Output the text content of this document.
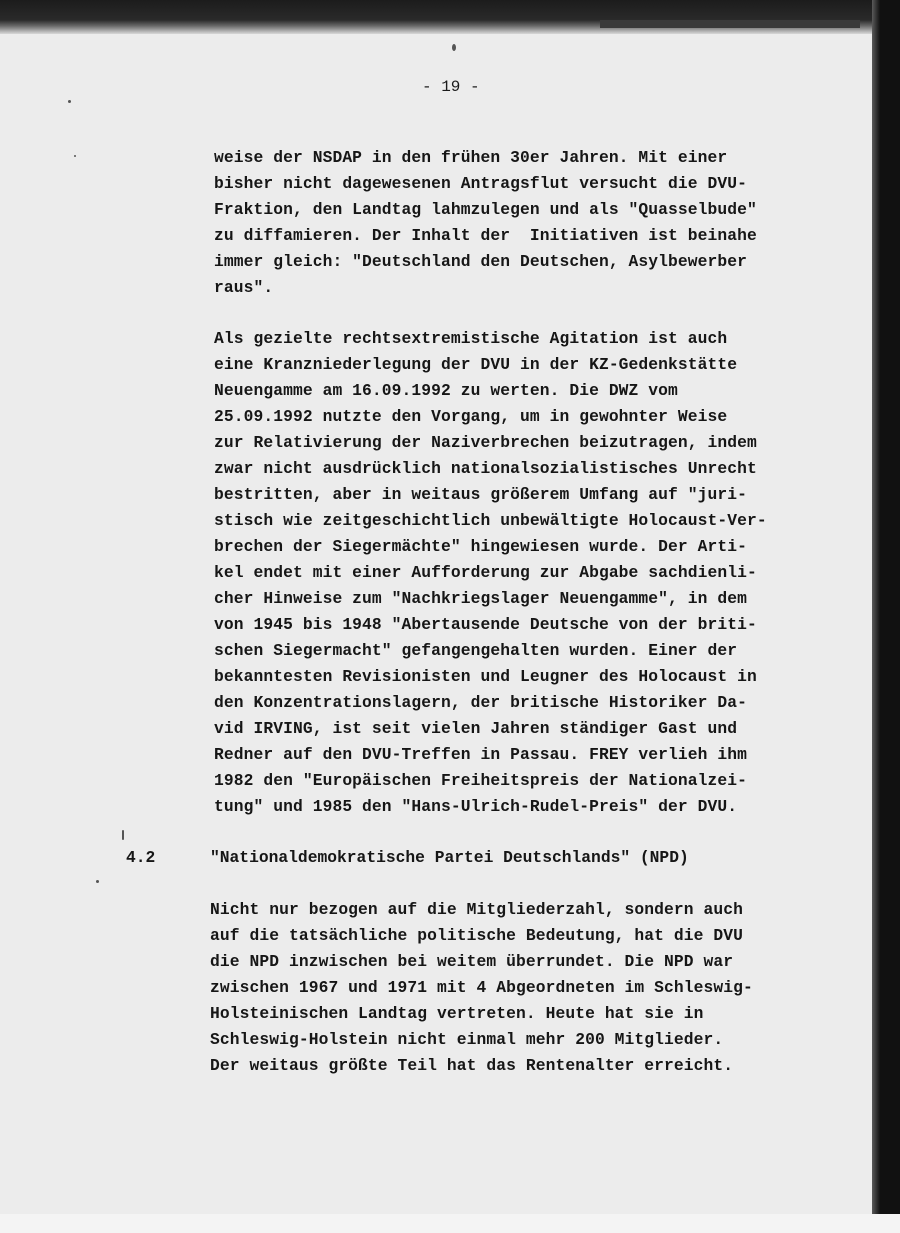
- 19 -
weise der NSDAP in den frühen 30er Jahren. Mit einer
bisher nicht dagewesenen Antragsflut versucht die DVU-
Fraktion, den Landtag lahmzulegen und als "Quasselbude"
zu diffamieren. Der Inhalt der  Initiativen ist beinahe
immer gleich: "Deutschland den Deutschen, Asylbewerber
raus".
Als gezielte rechtsextremistische Agitation ist auch
eine Kranzniederlegung der DVU in der KZ-Gedenkstätte
Neuengamme am 16.09.1992 zu werten. Die DWZ vom
25.09.1992 nutzte den Vorgang, um in gewohnter Weise
zur Relativierung der Naziverbrechen beizutragen, indem
zwar nicht ausdrücklich nationalsozialistisches Unrecht
bestritten, aber in weitaus größerem Umfang auf "juri-
stisch wie zeitgeschichtlich unbewältigte Holocaust-Ver-
brechen der Siegermächte" hingewiesen wurde. Der Arti-
kel endet mit einer Aufforderung zur Abgabe sachdienli-
cher Hinweise zum "Nachkriegslager Neuengamme", in dem
von 1945 bis 1948 "Abertausende Deutsche von der briti-
schen Siegermacht" gefangengehalten wurden. Einer der
bekanntesten Revisionisten und Leugner des Holocaust in
den Konzentrationslagern, der britische Historiker Da-
vid IRVING, ist seit vielen Jahren ständiger Gast und
Redner auf den DVU-Treffen in Passau. FREY verlieh ihm
1982 den "Europäischen Freiheitspreis der Nationalzei-
tung" und 1985 den "Hans-Ulrich-Rudel-Preis" der DVU.
4.2	"Nationaldemokratische Partei Deutschlands" (NPD)
Nicht nur bezogen auf die Mitgliederzahl, sondern auch
auf die tatsächliche politische Bedeutung, hat die DVU
die NPD inzwischen bei weitem überrundet. Die NPD war
zwischen 1967 und 1971 mit 4 Abgeordneten im Schleswig-
Holsteinischen Landtag vertreten. Heute hat sie in
Schleswig-Holstein nicht einmal mehr 200 Mitglieder.
Der weitaus größte Teil hat das Rentenalter erreicht.
